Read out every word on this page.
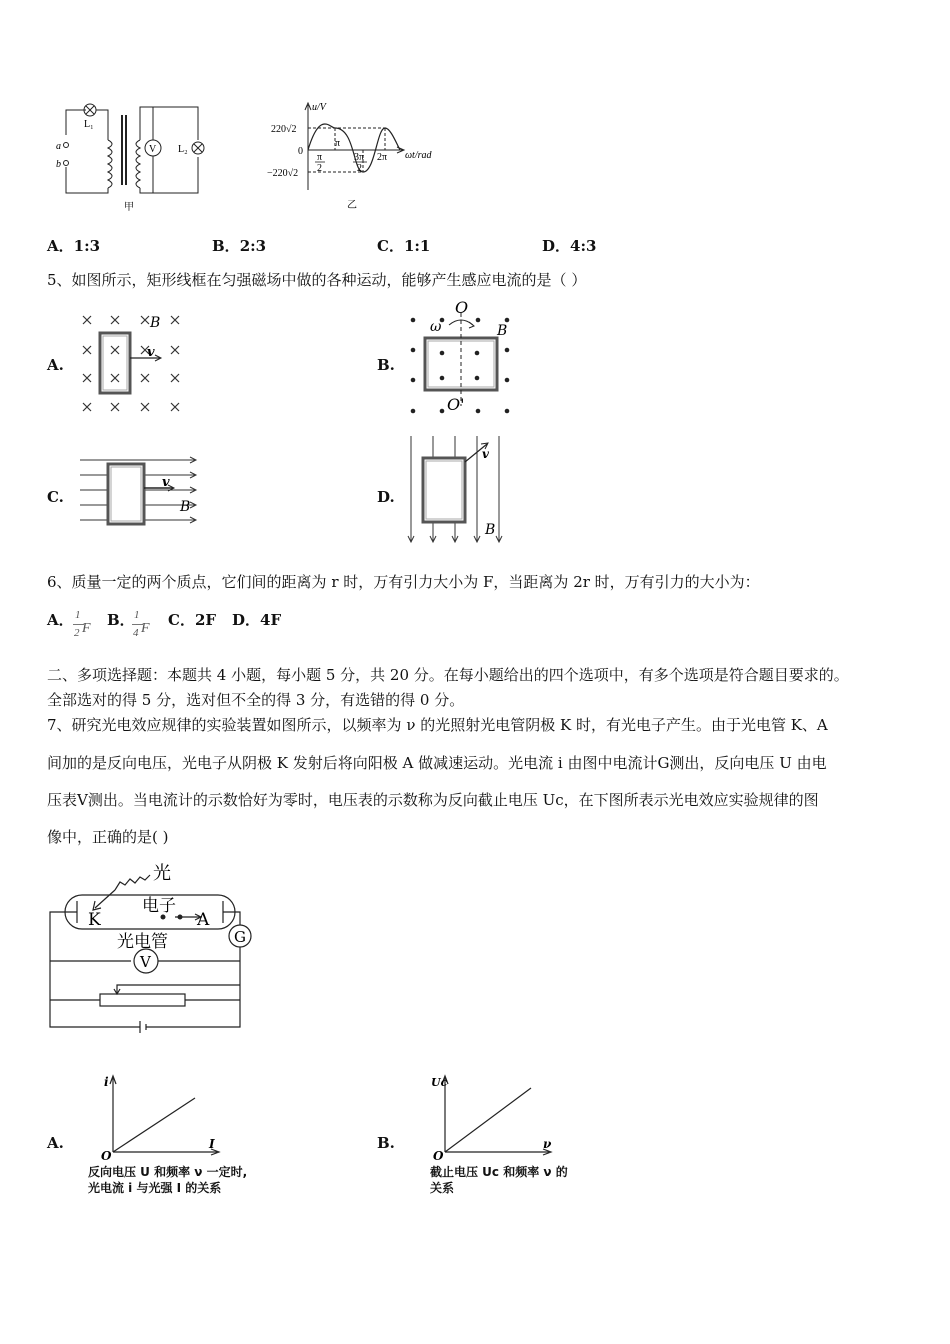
a
b
L₁
V L₂
甲
u/V
ωt/rad
220√2
0
−220√2
π
2
π
3π
2
2π
乙
A．1:3	B．2:3	C．1:1	D．4:3
5、如图所示，矩形线框在匀强磁场中做的各种运动，能够产生感应电流的是（ ）
A.
v
B
B.
O
ω	B
O'
C.
v
B
D.
v
B
6、质量一定的两个质点，它们间的距离为 r 时，万有引力大小为 F，当距离为 2r 时，万有引力的大小为：
A． 1
2 F B． 1
4 F C．2F D．4F
二、多项选择题：本题共 4 小题，每小题 5 分，共 20 分。在每小题给出的四个选项中，有多个选项是符合题目要求的。
全部选对的得 5 分，选对但不全的得 3 分，有选错的得 0 分。
7、研究光电效应规律的实验装置如图所示，以频率为 ν 的光照射光电管阴极 K 时，有光电子产生。由于光电管 K、A
间加的是反向电压，光电子从阴极 K 发射后将向阳极 A 做减速运动。光电流 i 由图中电流计G测出，反向电压 U 由电
压表V测出。当电流计的示数恰好为零时，电压表的示数称为反向截止电压 Uc，在下图所表示光电效应实验规律的图
像中，正确的是( )
光
电子
K	A
光电管	G
V
A.
i
I
O
反向电压 U 和频率 ν 一定时,
光电流 i 与光强 I 的关系
B.
Uc
ν
O
截止电压 Uc 和频率 ν 的
关系
